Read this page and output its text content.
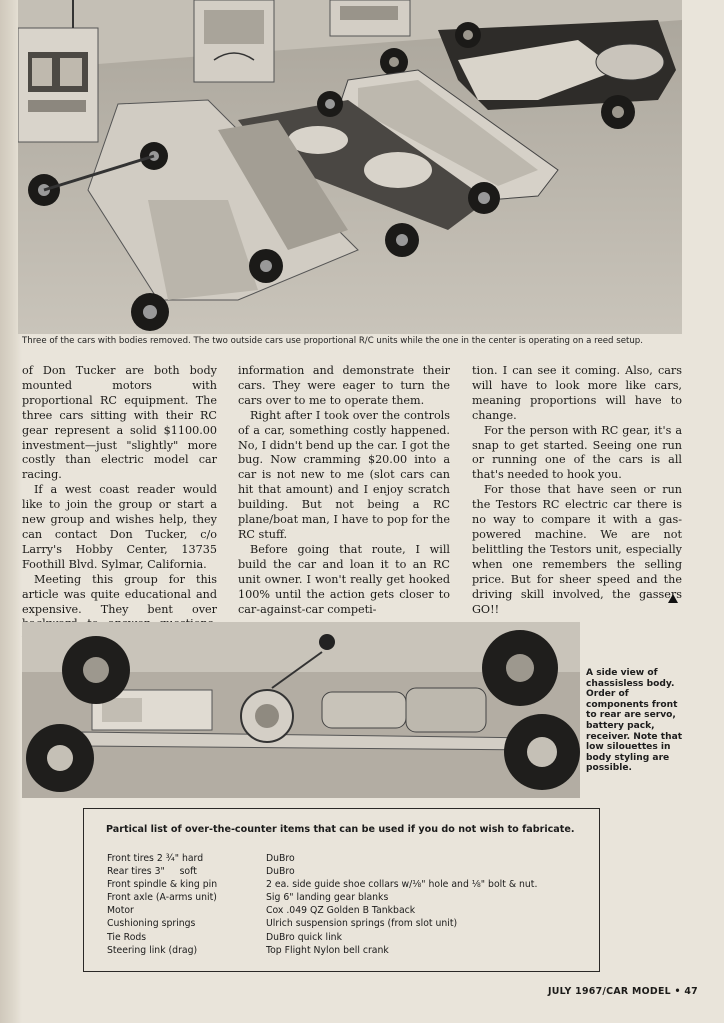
Three of the cars with bodies removed. The two outside cars use proportional R/C units while the one in the center is operating on a reed setup.

of Don Tucker are both body mounted motors with proportional RC equipment. The three cars sitting with their RC gear represent a solid $1100.00 investment—just "slightly" more costly than electric model car racing.

If a west coast reader would like to join the group or start a new group and wishes help, they can contact Don Tucker, c/o Larry's Hobby Center, 13735 Foothill Blvd. Sylmar, California.

Meeting this group for this article was quite educational and expensive. They bent over

information and demonstrate their cars. They were eager to turn the cars over to me to operate them.

Right after I took over the controls of a car, something costly happened. No, I didn't bend up the car. I got the bug. Now cramming $20.00 into a car is not new to me (slot cars can hit that amount) and I enjoy scratch building. But not being a RC plane/boat man, I have to pop for the RC stuff.

Before going that route, I will build the car and loan it to an RC unit owner. I won't really get hooked 100% until the action gets closer to car-against-car competi-

tion. I can see it coming. Also, cars will have to look more like cars, meaning proportions will have to change.

For the person with RC gear, it's a snap to get started. Seeing one run or running one of the cars is all that's needed to hook you.

For those that have seen or run the Testors RC electric car there is no way to compare it with a gas-powered machine. We are not belittling the Testors unit, especially when one remembers the selling price. But for sheer speed and the driving skill involved, the gassers GO!!

A side view of chassisless body. Order of components front to rear are servo, battery pack, receiver. Note that low silouettes in body styling are possible.
Partical list of over-the-counter items that can be used if you do not wish to fabricate.
Front tires 2 ¾" hard	DuBro
Rear tires 3"     soft	DuBro
Front spindle & king pin	2 ea. side guide shoe collars w/⅛" hole and ⅛" bolt & nut.
Front axle (A-arms unit)	Sig 6" landing gear blanks
Motor	Cox .049 QZ Golden B Tankback
Cushioning springs	Ulrich suspension springs (from slot unit)
Tie Rods	DuBro quick link
Steering link (drag)	Top Flight Nylon bell crank
JULY 1967/CAR MODEL • 47
